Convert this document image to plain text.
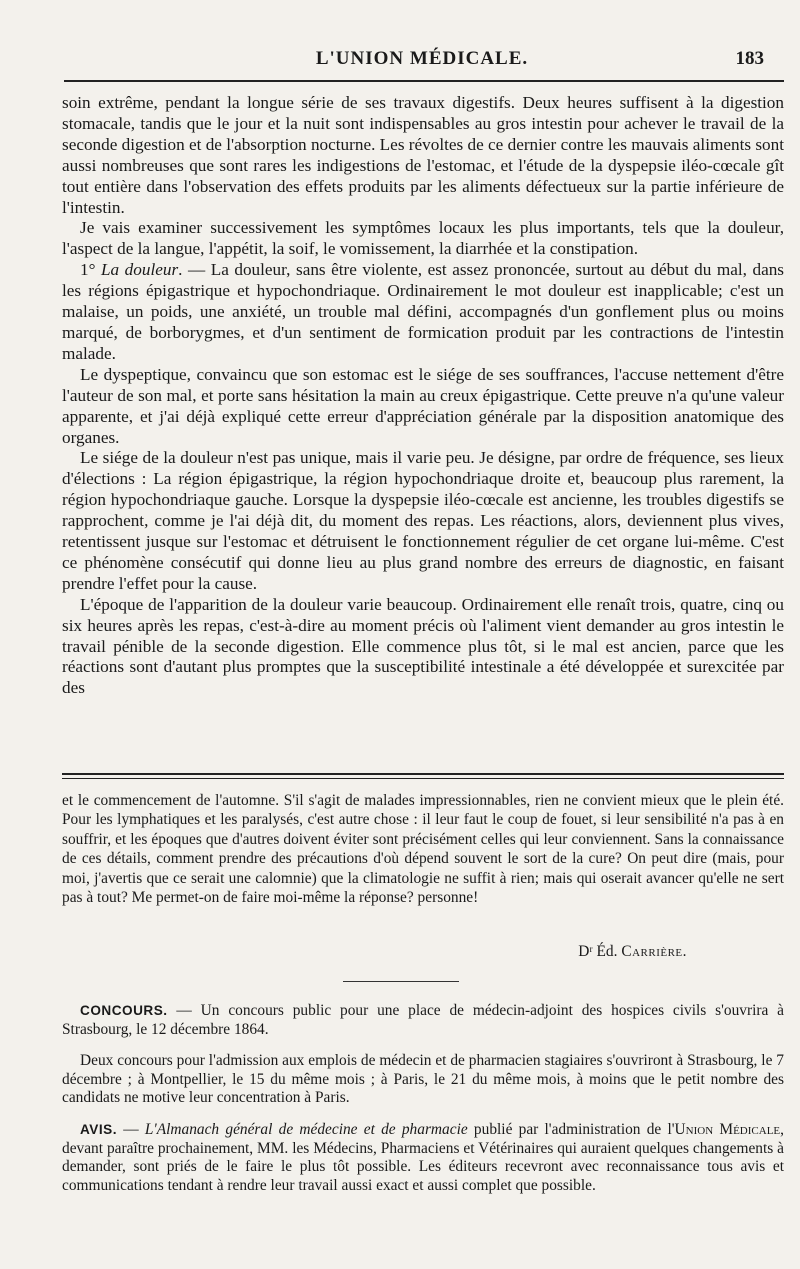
L'UNION MÉDICALE.	183

soin extrême, pendant la longue série de ses travaux digestifs. Deux heures suffisent à la digestion stomacale, tandis que le jour et la nuit sont indispensables au gros intestin pour achever le travail de la seconde digestion et de l'absorption nocturne. Les révoltes de ce dernier contre les mauvais aliments sont aussi nombreuses que sont rares les indigestions de l'estomac, et l'étude de la dyspepsie iléo-cœcale gît tout entière dans l'observation des effets produits par les aliments défectueux sur la partie inférieure de l'intestin.

Je vais examiner successivement les symptômes locaux les plus importants, tels que la douleur, l'aspect de la langue, l'appétit, la soif, le vomissement, la diarrhée et la constipation.

1° La douleur. — La douleur, sans être violente, est assez prononcée, surtout au début du mal, dans les régions épigastrique et hypochondriaque. Ordinairement le mot douleur est inapplicable; c'est un malaise, un poids, une anxiété, un trouble mal défini, accompagnés d'un gonflement plus ou moins marqué, de borborygmes, et d'un sentiment de formication produit par les contractions de l'intestin malade.

Le dyspeptique, convaincu que son estomac est le siége de ses souffrances, l'accuse nettement d'être l'auteur de son mal, et porte sans hésitation la main au creux épigastrique. Cette preuve n'a qu'une valeur apparente, et j'ai déjà expliqué cette erreur d'appréciation générale par la disposition anatomique des organes.

Le siége de la douleur n'est pas unique, mais il varie peu. Je désigne, par ordre de fréquence, ses lieux d'élections : La région épigastrique, la région hypochondriaque droite et, beaucoup plus rarement, la région hypochondriaque gauche. Lorsque la dyspepsie iléo-cœcale est ancienne, les troubles digestifs se rapprochent, comme je l'ai déjà dit, du moment des repas. Les réactions, alors, deviennent plus vives, retentissent jusque sur l'estomac et détruisent le fonctionnement régulier de cet organe lui-même. C'est ce phénomène consécutif qui donne lieu au plus grand nombre des erreurs de diagnostic, en faisant prendre l'effet pour la cause.

L'époque de l'apparition de la douleur varie beaucoup. Ordinairement elle renaît trois, quatre, cinq ou six heures après les repas, c'est-à-dire au moment précis où l'aliment vient demander au gros intestin le travail pénible de la seconde digestion. Elle commence plus tôt, si le mal est ancien, parce que les réactions sont d'autant plus promptes que la susceptibilité intestinale a été développée et surexcitée par des

et le commencement de l'automne. S'il s'agit de malades impressionnables, rien ne convient mieux que le plein été. Pour les lymphatiques et les paralysés, c'est autre chose : il leur faut le coup de fouet, si leur sensibilité n'a pas à en souffrir, et les époques que d'autres doivent éviter sont précisément celles qui leur conviennent. Sans la connaissance de ces détails, comment prendre des précautions d'où dépend souvent le sort de la cure? On peut dire (mais, pour moi, j'avertis que ce serait une calomnie) que la climatologie ne suffit à rien; mais qui oserait avancer qu'elle ne sert pas à tout? Me permet-on de faire moi-même la réponse? personne!

Dʳ Éd. Carrière.

CONCOURS. — Un concours public pour une place de médecin-adjoint des hospices civils s'ouvrira à Strasbourg, le 12 décembre 1864.

Deux concours pour l'admission aux emplois de médecin et de pharmacien stagiaires s'ouvriront à Strasbourg, le 7 décembre ; à Montpellier, le 15 du même mois ; à Paris, le 21 du même mois, à moins que le petit nombre des candidats ne motive leur concentration à Paris.

AVIS. — L'Almanach général de médecine et de pharmacie publié par l'administration de l'Union Médicale, devant paraître prochainement, MM. les Médecins, Pharmaciens et Vétérinaires qui auraient quelques changements à demander, sont priés de le faire le plus tôt possible. Les éditeurs recevront avec reconnaissance tous avis et communications tendant à rendre leur travail aussi exact et aussi complet que possible.
